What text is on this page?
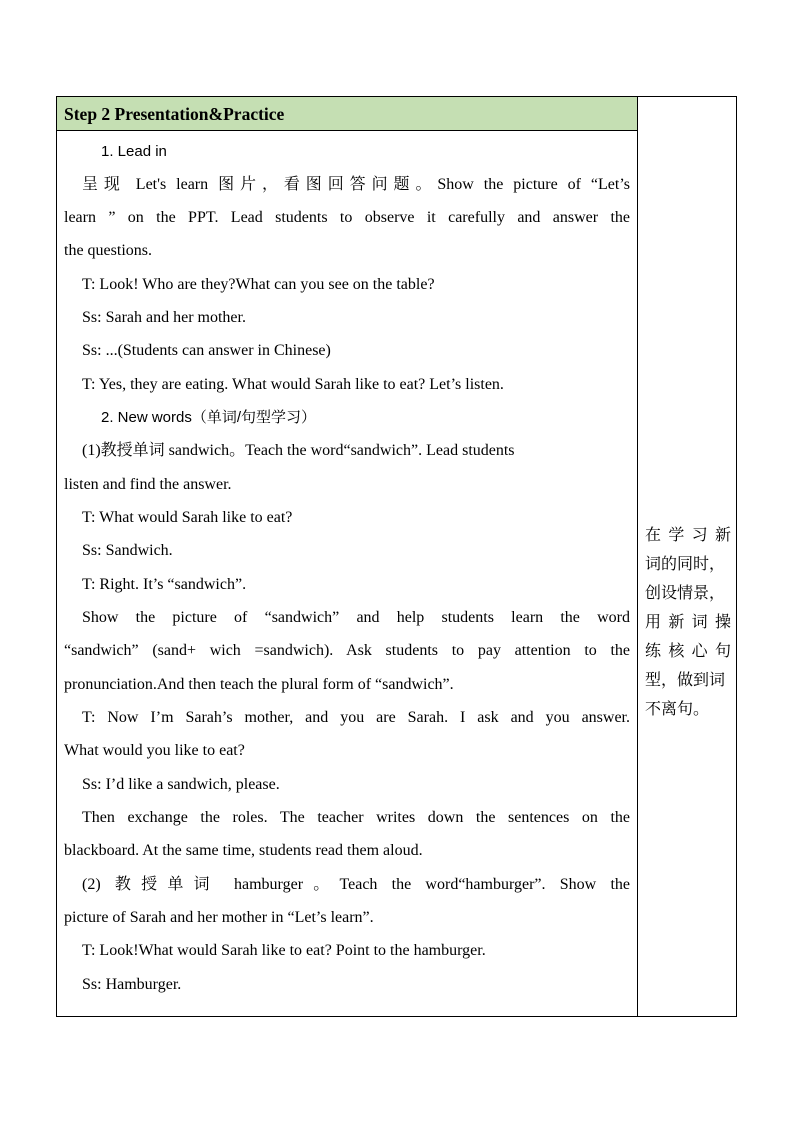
Step 2 Presentation&Practice
1. Lead in
呈现 Let's learn 图片，看图回答问题。Show the picture of “Let’s
learn ” on the PPT. Lead students to observe it carefully and answer the
the questions.
T: Look! Who are they?What can you see on the table?
Ss: Sarah and her mother.
Ss: ...(Students can answer in Chinese)
T: Yes, they are eating. What would Sarah like to eat? Let’s listen.
2. New words（单词/句型学习）
(1)教授单词 sandwich。Teach the word“sandwich”. Lead students
listen and find the answer.
T: What would Sarah like to eat?
Ss: Sandwich.
T: Right. It’s “sandwich”.
Show the picture of “sandwich” and help students learn the word
“sandwich” (sand+ wich =sandwich). Ask students to pay attention to the
pronunciation.And then teach the plural form of “sandwich”.
T: Now I’m Sarah’s mother, and you are Sarah. I ask and you answer.
What would you like to eat?
Ss: I’d like a sandwich, please.
Then exchange the roles. The teacher writes down the sentences on the
blackboard. At the same time, students read them aloud.
(2) 教授单词 hamburger。Teach the word“hamburger”. Show the
picture of Sarah and her mother in “Let’s learn”.
T: Look!What would Sarah like to eat? Point to the hamburger.
Ss: Hamburger.
在学习新
词的同时，
创设情景，
用新词操
练核心句
型，做到词
不离句。
